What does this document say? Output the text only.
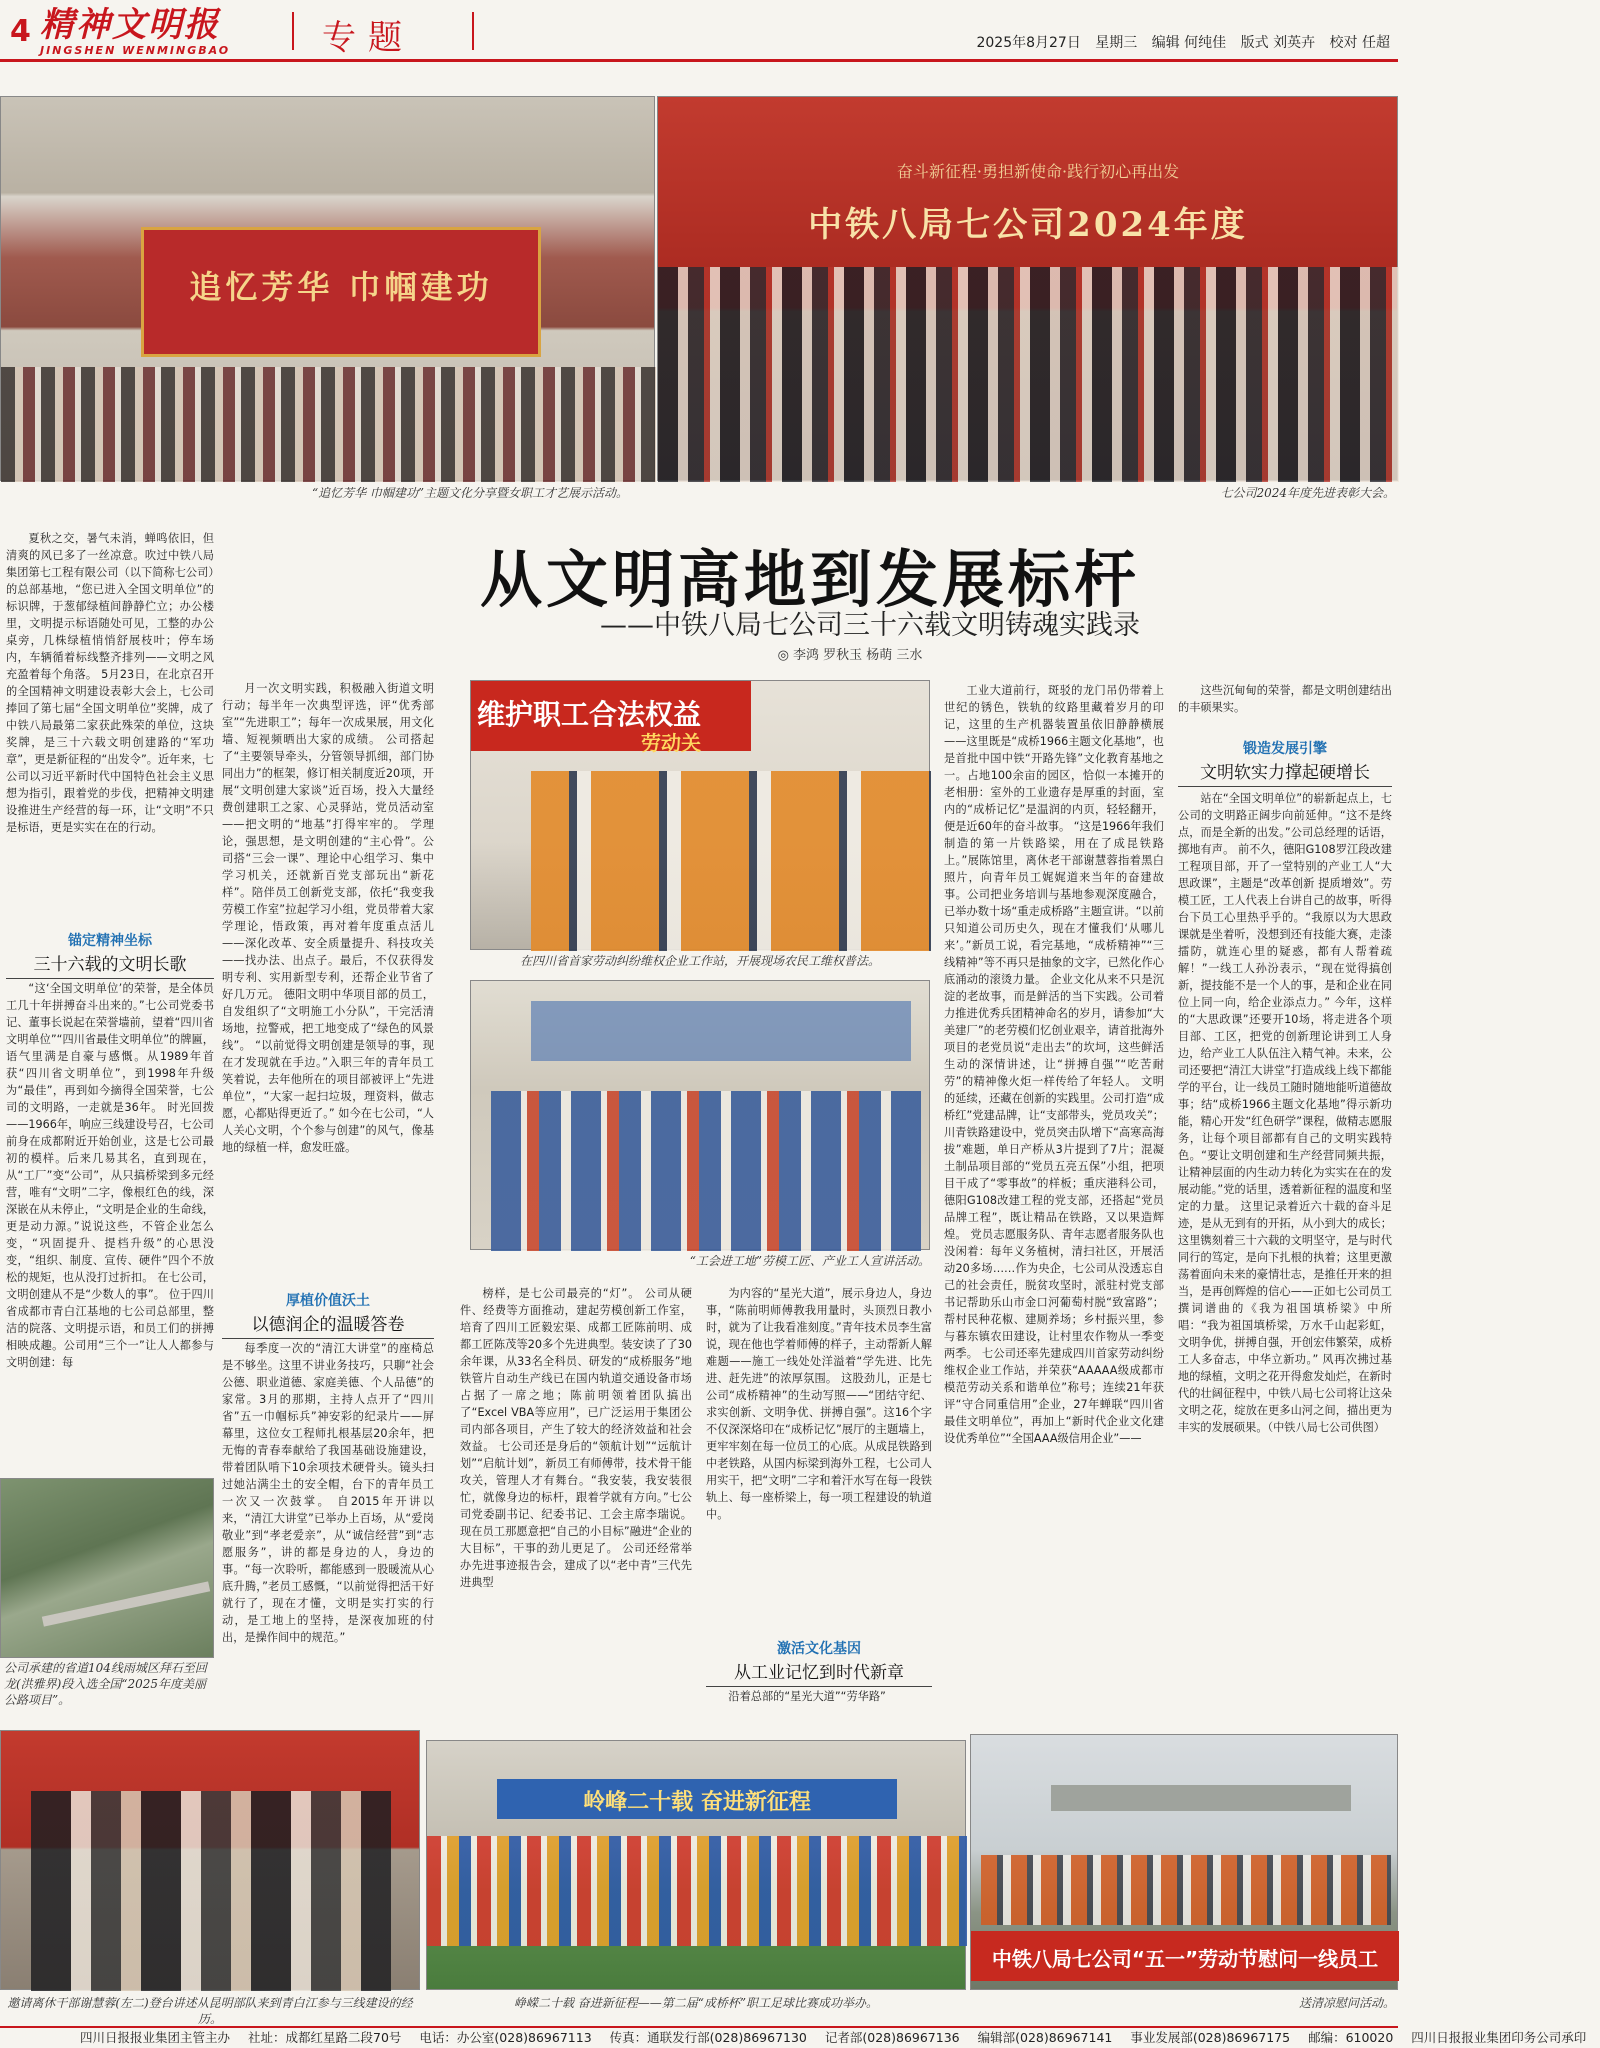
4 精神文明报
JINGSHEN WENMINGBAO	专题	2025年8月27日 星期三 编辑 何纯佳 版式 刘英卉 校对 任超
追忆芳华 巾帼建功
“追忆芳华 巾帼建功”主题文化分享暨女职工才艺展示活动。
奋斗新征程·勇担新使命·践行初心再出发
中铁八局七公司2024年度
七公司2024年度先进表彰大会。
从文明高地到发展标杆
——中铁八局七公司三十六载文明铸魂实践录
◎ 李鸿 罗秋玉 杨萌 三水

夏秋之交，暑气未消，蝉鸣依旧，但清爽的风已多了一丝凉意。吹过中铁八局集团第七工程有限公司（以下简称七公司）的总部基地，“您已进入全国文明单位”的标识牌，于葱郁绿植间静静伫立；办公楼里，文明提示标语随处可见，工整的办公桌旁，几株绿植悄悄舒展枝叶；停车场内，车辆循着标线整齐排列——文明之风充盈着每个角落。 5月23日，在北京召开的全国精神文明建设表彰大会上，七公司捧回了第七届“全国文明单位”奖牌，成了中铁八局最第二家获此殊荣的单位，这块奖牌，是三十六载文明创建路的“军功章”，更是新征程的“出发令”。近年来，七公司以习近平新时代中国特色社会主义思想为指引，跟着党的步伐，把精神文明建设推进生产经营的每一环，让“文明”不只是标语，更是实实在在的行动。

锚定精神坐标
三十六载的文明长歌

“这‘全国文明单位’的荣誉，是全体员工几十年拼搏奋斗出来的。”七公司党委书记、董事长说起在荣誉墙前，望着“四川省文明单位”“四川省最佳文明单位”的牌匾，语气里满是自豪与感慨。从1989年首获“四川省文明单位”，到1998年升级为“最佳”，再到如今摘得全国荣誉，七公司的文明路，一走就是36年。 时光回拨——1966年，响应三线建设号召，七公司前身在成都附近开始创业，这是七公司最初的模样。后来几易其名，直到现在，从“工厂”变“公司”，从只搞桥梁到多元经营，唯有“文明”二字，像根红色的线，深深嵌在从未停止，“文明是企业的生命线，更是动力源。”说说这些，不管企业怎么变，“巩固提升、提档升级”的心思没变，“组织、制度、宣传、硬件”四个不放松的规矩，也从没打过折扣。 在七公司，文明创建从不是“少数人的事”。 位于四川省成都市青白江基地的七公司总部里，整洁的院落、文明提示语，和员工们的拼搏相映成趣。公司用“三个一”让人人都参与文明创建：每

公司承建的省道104线雨城区拜石至回龙(洪雅界)段入选全国“2025年度美丽公路项目”。

月一次文明实践，积极融入街道文明行动；每半年一次典型评选，评“优秀部室”“先进职工”；每年一次成果展，用文化墙、短视频晒出大家的成绩。 公司搭起了“主要领导牵头，分管领导抓细，部门协同出力”的框架，修订相关制度近20项，开展“文明创建大家谈”近百场，投入大量经费创建职工之家、心灵驿站，党员活动室——把文明的“地基”打得牢牢的。 学理论，强思想，是文明创建的“主心骨”。公司搭“三会一课”、理论中心组学习、集中学习机关，还就新百党支部玩出“新花样”。陪伴员工创新党支部，依托“我变我劳模工作室”拉起学习小组，党员带着大家学理论，悟政策，再对着年度重点活儿——深化改革、安全质量提升、科技攻关——找办法、出点子。最后，不仅获得发明专利、实用新型专利，还帮企业节省了好几万元。 德阳文明中华项目部的员工，自发组织了“文明施工小分队”，干完活清场地，拉警戒，把工地变成了“绿色的风景线”。 “以前觉得文明创建是领导的事，现在才发现就在手边。”入职三年的青年员工笑着说，去年他所在的项目部被评上“先进单位”，“大家一起扫垃圾，理资料，做志愿，心都贴得更近了。” 如今在七公司，“人人关心文明，个个参与创建”的风气，像基地的绿植一样，愈发旺盛。

厚植价值沃土
以德润企的温暖答卷

每季度一次的“清江大讲堂”的座椅总是不够坐。这里不讲业务技巧，只聊“社会公德、职业道德、家庭美德、个人品德”的家常。3月的那期，主持人点开了“四川省”五一巾帼标兵”神安彩的纪录片——屏幕里，这位女工程师扎根基层20余年，把无悔的青春奉献给了我国基础设施建设，带着团队啃下10余项技术硬骨头。镜头扫过她沾满尘土的安全帽，台下的青年员工一次又一次鼓掌。 自2015年开讲以来，“清江大讲堂”已举办上百场，从“爱岗敬业”到“孝老爱亲”，从“诚信经营”到“志愿服务”，讲的都是身边的人，身边的事。“每一次聆听，都能感到一股暖流从心底升腾，”老员工感慨，“以前觉得把活干好就行了，现在才懂，文明是实打实的行动，是工地上的坚持，是深夜加班的付出，是操作间中的规范。”

维护职工合法权益
劳动关
在四川省首家劳动纠纷维权企业工作站，开展现场农民工维权普法。
“工会进工地”劳模工匠、产业工人宣讲活动。

榜样，是七公司最亮的“灯”。 公司从硬件、经费等方面推动，建起劳模创新工作室，培育了四川工匠毅宏渠、成都工匠陈前明、成都工匠陈茂等20多个先进典型。装安读了了30余年课，从33名全科员、研发的“成桥服务”地铁管片自动生产线已在国内轨道交通设备市场占据了一席之地；陈前明领着团队搞出了“Excel VBA等应用”，已广泛运用于集团公司内部各项目，产生了较大的经济效益和社会效益。 七公司还是身后的“领航计划”“远航计划”“启航计划”，新员工有师傅带，技术骨干能攻关，管理人才有舞台。“我安装，我安装很忙，就像身边的标杆，跟着学就有方向。”七公司党委副书记、纪委书记、工会主席李瑞说。现在员工那愿意把“自己的小目标”融进“企业的大目标”，干事的劲儿更足了。 公司还经常举办先进事迹报告会，建成了以“老中青”三代先进典型

为内容的“星光大道”，展示身边人，身边事，“陈前明师傅教我用量时，头顶烈日教小时，就为了让我看准刻度。”青年技术员李生富说，现在他也学着师傅的样子，主动帮新人解难题——施工一线处处洋溢着“学先进、比先进、赶先进”的浓厚氛围。 这股劲儿，正是七公司“成桥精神”的生动写照——“团结守纪、求实创新、文明争优、拼搏自强”。这16个字不仅深深烙印在“成桥记忆”展厅的主题墙上，更牢牢刻在每一位员工的心底。从成昆铁路到中老铁路，从国内标梁到海外工程，七公司人用实干，把“文明”二字和着汗水写在每一段铁轨上、每一座桥梁上，每一项工程建设的轨道中。

激活文化基因
从工业记忆到时代新章

沿着总部的“星光大道”“劳华路”

工业大道前行，斑驳的龙门吊仍带着上世纪的锈色，铁轨的纹路里藏着岁月的印记，这里的生产机器装置虽依旧静静横展——这里既是“成桥1966主题文化基地”，也是首批中国中铁“开路先锋”文化教育基地之一。占地100余亩的园区，恰似一本摊开的老相册：室外的工业遗存是厚重的封面，室内的“成桥记忆”是温润的内页，轻轻翻开，便是近60年的奋斗故事。 “这是1966年我们制造的第一片铁路梁，用在了成昆铁路上。”展陈馆里，离休老干部谢慧蓉指着黑白照片，向青年员工娓娓道来当年的奋建故事。公司把业务培训与基地参观深度融合，已举办数十场“重走成桥路”主题宣讲。“以前只知道公司历史久，现在才懂我们‘从哪儿来’。”新员工说，看完基地，“成桥精神”“三线精神”等不再只是抽象的文字，已然化作心底涌动的滚烫力量。 企业文化从来不只是沉淀的老故事，而是鲜活的当下实践。公司着力推进优秀兵团精神命名的岁月，请参加“大美建厂”的老劳模们忆创业艰辛，请首批海外项目的老党员说“走出去”的坎坷，这些鲜活生动的深情讲述，让“拼搏自强”“吃苦耐劳”的精神像火炬一样传给了年轻人。 文明的延续，还藏在创新的实践里。公司打造“成桥红”党建品牌，让“支部带头，党员攻关”；川青铁路建设中，党员突击队增下“高寒高海拔”难题，单日产桥从3片提到了7片；混凝土制品项目部的“党员五亮五保”小组，把项目干成了“零事故”的样板；重庆港科公司，德阳G108改建工程的党支部，还搭起“党员品牌工程”，既让精品在铁路，又以果造辉煌。 党员志愿服务队、青年志愿者服务队也没闲着：每年义务植树，清扫社区，开展活动20多场……作为央企，七公司从没透忘自己的社会责任，脱贫攻坚时，派驻村党支部书记帮助乐山市金口河葡萄村脱“致富路”；帮村民种花椒、建厕养场；乡村振兴里，参与暮东镇农田建设，让村里农作物从一季变两季。 七公司还率先建成四川首家劳动纠纷维权企业工作站，并荣获“AAAAA级成都市模范劳动关系和谐单位”称号；连续21年获评“守合同重信用”企业，27年蝉联“四川省最佳文明单位”，再加上“新时代企业文化建设优秀单位”“全国AAA级信用企业”——

这些沉甸甸的荣誉，都是文明创建结出的丰硕果实。

锻造发展引擎
文明软实力撑起硬增长

站在“全国文明单位”的崭新起点上，七公司的文明路正阔步向前延伸。“这不是终点，而是全新的出发。”公司总经理的话语，掷地有声。 前不久，德阳G108罗江段改建工程项目部，开了一堂特别的产业工人“大思政课”，主题是“改革创新 提质增效”。劳模工匠，工人代表上台讲自己的故事，听得台下员工心里热乎乎的。“我原以为大思政课就是坐着听，没想到还有技能大赛，走漆擂防，就连心里的疑惑，都有人帮着疏解！”一线工人孙汾表示，“现在觉得搞创新，提技能不是一个人的事，是和企业在同位上同一向，给企业添点力。” 今年，这样的“大思政课”还要开10场，将走进各个项目部、工区，把党的创新理论讲到工人身边，给产业工人队伍注入精气神。未来，公司还要把“清江大讲堂”打造成线上线下都能学的平台，让一线员工随时随地能听道德故事；结“成桥1966主题文化基地”得示新功能，精心开发“红色研学”课程，做精志愿服务，让每个项目部都有自己的文明实践特色。“要让文明创建和生产经营同频共振，让精神层面的内生动力转化为实实在在的发展动能。”党的话里，透着新征程的温度和坚定的力量。 这里记录着近六十载的奋斗足迹，是从无到有的开拓，从小到大的成长；这里镌刻着三十六载的文明坚守，是与时代同行的笃定，是向下扎根的执着；这里更激荡着面向未来的豪情壮志，是推任开来的担当，是再创辉煌的信心——正如七公司员工撰词谱曲的《我为祖国填桥梁》中所唱：“我为祖国填桥梁，万水千山起彩虹，文明争优，拼搏自强，开创宏伟繁荣，成桥工人多奋志，中华立新功。” 风再次拂过基地的绿植，文明之花开得愈发灿烂，在新时代的壮阔征程中，中铁八局七公司将让这朵文明之花，绽放在更多山河之间，描出更为丰实的发展硕果。（中铁八局七公司供图）

邀请离休干部谢慧蓉(左二)登台讲述从昆明部队来到青白江参与三线建设的经历。
岭峰二十载 奋进新征程
峥嵘二十载 奋进新征程——第二届“成桥杯”职工足球比赛成功举办。
中铁八局七公司“五一”劳动节慰问一线员工
送清凉慰问活动。
四川日报报业集团主管主办 社址：成都红星路二段70号 电话：办公室(028)86967113 传真：通联发行部(028)86967130 记者部(028)86967136 编辑部(028)86967141 事业发展部(028)86967175 邮编：610020 四川日报报业集团印务公司承印
